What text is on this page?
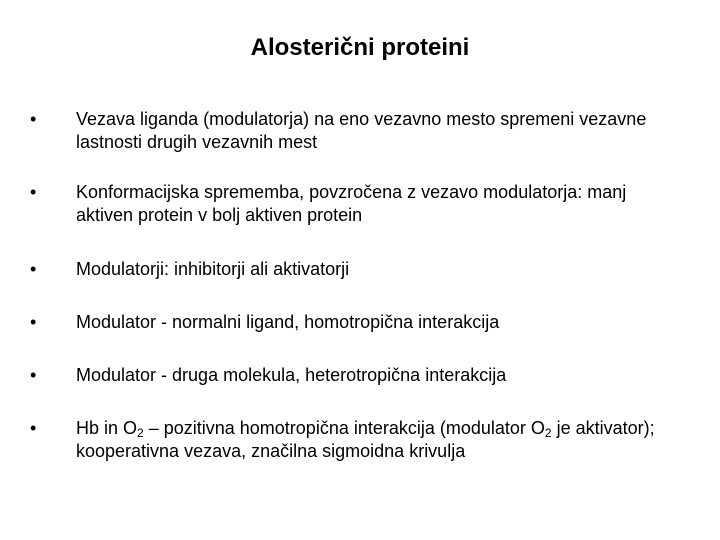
Alosterični proteini
•	Vezava liganda (modulatorja) na eno vezavno mesto spremeni vezavne lastnosti drugih vezavnih mest
•	Konformacijska sprememba, povzročena z vezavo modulatorja: manj aktiven protein v bolj aktiven protein
•	Modulatorji: inhibitorji ali aktivatorji
•	Modulator - normalni ligand, homotropična interakcija
•	Modulator - druga molekula, heterotropična interakcija
•	Hb in $O_2$ – pozitivna homotropična interakcija (modulator $O_2$ je aktivator); kooperativna vezava, značilna sigmoidna krivulja
